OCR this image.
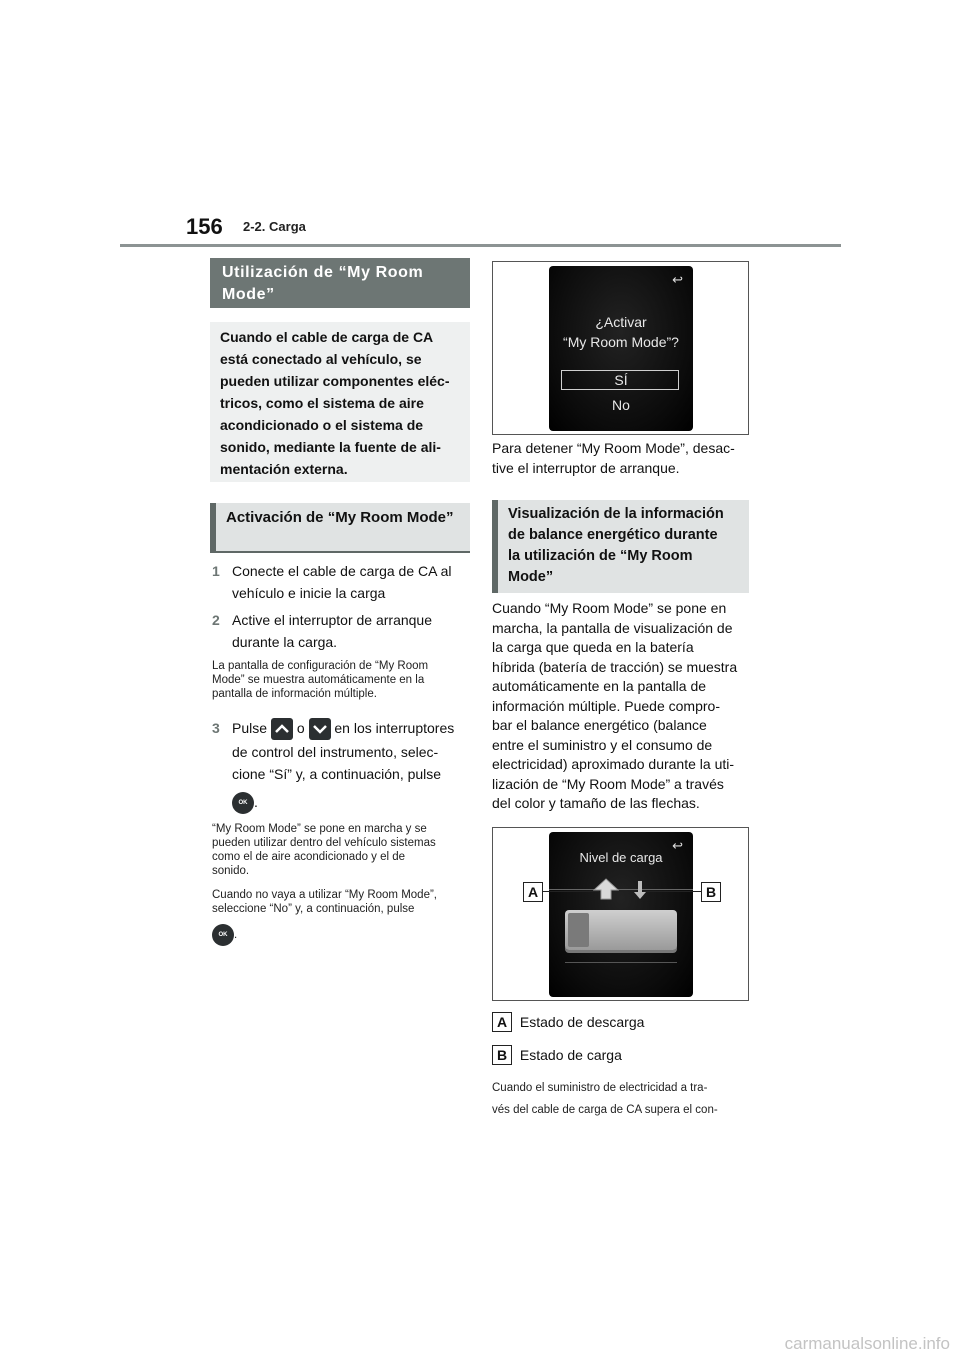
156 2-2. Carga
Utilización de “My Room Mode”
Cuando el cable de carga de CA
está conectado al vehículo, se
pueden utilizar componentes eléc-
tricos, como el sistema de aire
acondicionado o el sistema de
sonido, mediante la fuente de ali-
mentación externa.
Activación de “My Room Mode”
1 Conecte el cable de carga de CA al
vehículo e inicie la carga
2 Active el interruptor de arranque
durante la carga.
La pantalla de configuración de “My Room
Mode” se muestra automáticamente en la
pantalla de información múltiple.
3 Pulse o en los interruptores
de control del instrumento, selec-
cione “Sí” y, a continuación, pulse
OK .
“My Room Mode” se pone en marcha y se
pueden utilizar dentro del vehículo sistemas
como el de aire acondicionado y el de
sonido.
Cuando no vaya a utilizar “My Room Mode”,
seleccione “No” y, a continuación, pulse
OK .
↩
¿Activar
“My Room Mode”?
SÍ
No
Para detener “My Room Mode”, desac-
tive el interruptor de arranque.
Visualización de la información
de balance energético durante
la utilización de “My Room
Mode”
Cuando “My Room Mode” se pone en
marcha, la pantalla de visualización de
la carga que queda en la batería
híbrida (batería de tracción) se muestra
automáticamente en la pantalla de
información múltiple. Puede compro-
bar el balance energético (balance
entre el suministro y el consumo de
electricidad) aproximado durante la uti-
lización de “My Room Mode” a través
del color y tamaño de las flechas.
↩
Nivel de carga
A	B
A Estado de descarga
B Estado de carga
Cuando el suministro de electricidad a tra-
vés del cable de carga de CA supera el con-
carmanualsonline.info
